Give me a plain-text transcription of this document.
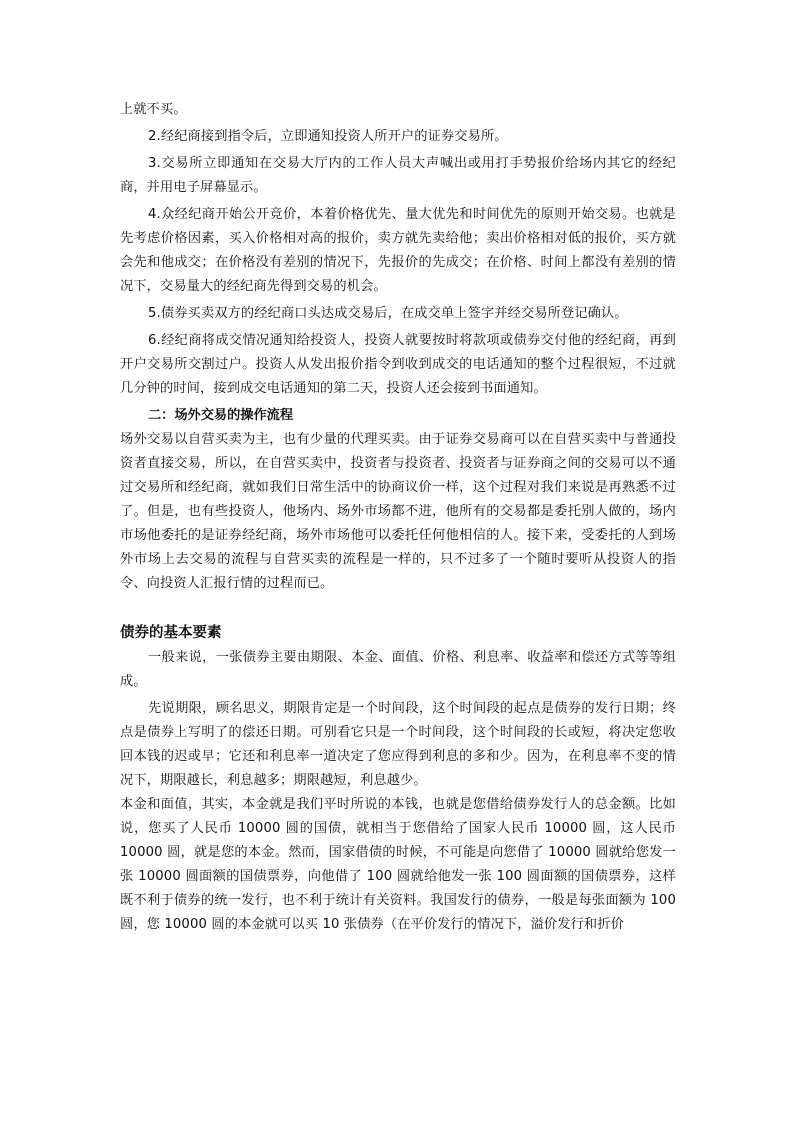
上就不买。

2.经纪商接到指令后，立即通知投资人所开户的证券交易所。

3.交易所立即通知在交易大厅内的工作人员大声喊出或用打手势报价给场内其它的经纪商，并用电子屏幕显示。

4.众经纪商开始公开竞价，本着价格优先、量大优先和时间优先的原则开始交易。也就是先考虑价格因素，买入价格相对高的报价，卖方就先卖给他；卖出价格相对低的报价，买方就会先和他成交；在价格没有差别的情况下，先报价的先成交；在价格、时间上都没有差别的情况下，交易量大的经纪商先得到交易的机会。

5.债券买卖双方的经纪商口头达成交易后，在成交单上签字并经交易所登记确认。

6.经纪商将成交情况通知给投资人，投资人就要按时将款项或债券交付他的经纪商，再到开户交易所交割过户。投资人从发出报价指令到收到成交的电话通知的整个过程很短，不过就几分钟的时间，接到成交电话通知的第二天，投资人还会接到书面通知。

二：场外交易的操作流程

场外交易以自营买卖为主，也有少量的代理买卖。由于证券交易商可以在自营买卖中与普通投资者直接交易，所以，在自营买卖中，投资者与投资者、投资者与证券商之间的交易可以不通过交易所和经纪商，就如我们日常生活中的协商议价一样，这个过程对我们来说是再熟悉不过了。但是，也有些投资人，他场内、场外市场都不进，他所有的交易都是委托别人做的，场内市场他委托的是证券经纪商，场外市场他可以委托任何他相信的人。接下来，受委托的人到场外市场上去交易的流程与自营买卖的流程是一样的，只不过多了一个随时要听从投资人的指令、向投资人汇报行情的过程而已。

债券的基本要素

一般来说，一张债券主要由期限、本金、面值、价格、利息率、收益率和偿还方式等等组成。

先说期限，顾名思义，期限肯定是一个时间段，这个时间段的起点是债券的发行日期；终点是债券上写明了的偿还日期。可别看它只是一个时间段，这个时间段的长或短，将决定您收回本钱的迟或早；它还和利息率一道决定了您应得到利息的多和少。因为，在利息率不变的情况下，期限越长，利息越多；期限越短，利息越少。

本金和面值，其实，本金就是我们平时所说的本钱，也就是您借给债券发行人的总金额。比如说，您买了人民币 10000 圆的国债，就相当于您借给了国家人民币 10000 圆，这人民币 10000 圆，就是您的本金。然而，国家借债的时候，不可能是向您借了 10000 圆就给您发一张 10000 圆面额的国债票券，向他借了 100 圆就给他发一张 100 圆面额的国债票券，这样既不利于债券的统一发行，也不利于统计有关资料。我国发行的债券，一般是每张面额为 100 圆，您 10000 圆的本金就可以买 10 张债券（在平价发行的情况下，溢价发行和折价
